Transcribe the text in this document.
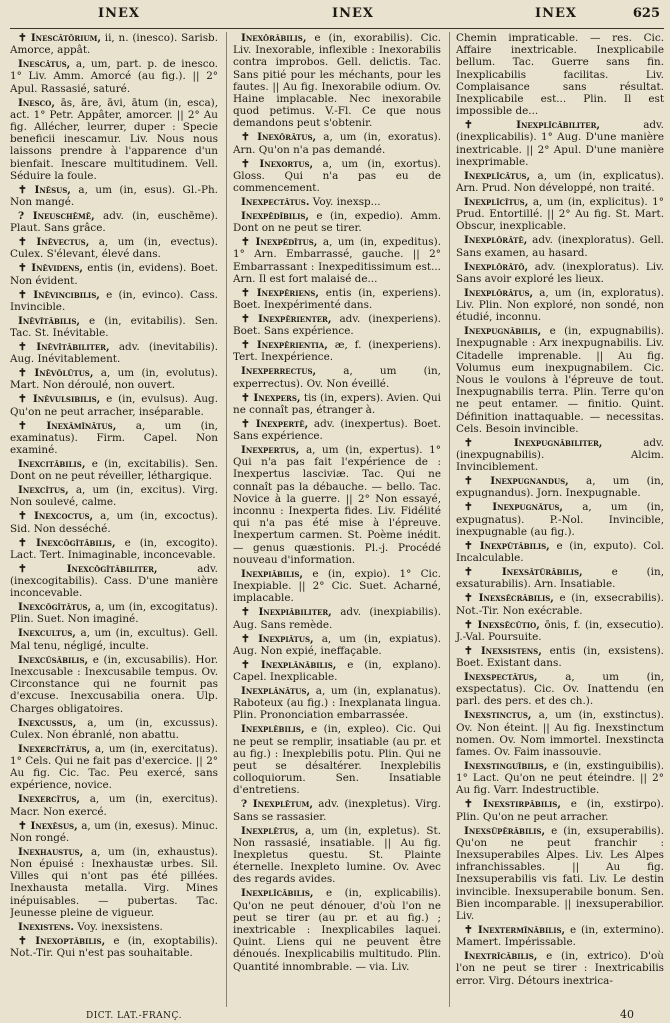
INEX	INEX	INEX	625

✝ Inescātōrium, ii, n. (inesco). Sarisb. Amorce, appât.

Inescātus, a, um, part. p. de inesco. 1° Liv. Amm. Amorcé (au fig.). || 2° Apul. Rassasié, saturé.

Inesco, ās, āre, āvi, ātum (in, esca), act. 1° Petr. Appâter, amorcer. || 2° Au fig. Allécher, leurrer, duper : Specie beneficii inescamur. Liv. Nous nous laissons prendre à l'apparence d'un bienfait. Inescare multitudinem. Vell. Séduire la foule.

✝ Inēsus, a, um (in, esus). Gl.-Ph. Non mangé.

? Ineuschēmē, adv. (in, euschēme). Plaut. Sans grâce.

✝ Inēvectus, a, um (in, evectus). Culex. S'élevant, élevé dans.

✝ Inēvidens, entis (in, evidens). Boet. Non évident.

✝ Inēvincibilis, e (in, evinco). Cass. Invincible.

Inēvītābilis, e (in, evitabilis). Sen. Tac. St. Inévitable.

✝ Inēvītābiliter, adv. (inevitabilis). Aug. Inévitablement.

✝ Inēvŏlūtus, a, um (in, evolutus). Mart. Non déroulé, non ouvert.

✝ Inēvulsibilis, e (in, evulsus). Aug. Qu'on ne peut arracher, inséparable.

✝ Inexāmĭnātus, a, um (in, examinatus). Firm. Capel. Non examiné.

Inexcitābilis, e (in, excitabilis). Sen. Dont on ne peut réveiller, léthargique.

Inexcĭtus, a, um (in, excitus). Virg. Non soulevé, calme.

✝ Inexcoctus, a, um (in, excoctus). Sid. Non desséché.

✝ Inexcōgĭtābilis, e (in, excogito). Lact. Tert. Inimaginable, inconcevable.

✝ Inexcōgĭtābiliter,	adv. (inexcogitabilis). Cass. D'une manière inconcevable.

Inexcōgĭtātus, a, um (in, excogitatus). Plin. Suet. Non imaginé.

Inexcultus, a, um (in, excultus). Gell. Mal tenu, négligé, inculte.

Inexcūsābilis, e (in, excusabilis). Hor. Inexcusable : Inexcusabile tempus. Ov. Circonstance qui ne fournit pas d'excuse. Inexcusabilia onera. Ulp. Charges obligatoires.

Inexcussus, a, um (in, excussus). Culex. Non ébranlé, non abattu.

Inexercĭtātus, a, um (in, exercitatus). 1° Cels. Qui ne fait pas d'exercice. || 2° Au fig. Cic. Tac. Peu exercé, sans expérience, novice.

Inexercĭtus, a, um (in, exercitus). Macr. Non exercé.

✝ Inexēsus, a, um (in, exesus). Minuc. Non rongé.

Inexhaustus, a, um (in, exhaustus). Non épuisé : Inexhaustæ urbes. Sil. Villes qui n'ont pas été pillées. Inexhausta metalla. Virg. Mines inépuisables. — pubertas. Tac. Jeunesse pleine de vigueur.

Inexistens. Voy. inexsistens.

✝ Inexoptābilis, e (in, exoptabilis). Not.-Tir. Qui n'est pas souhaitable.

Inexōrābilis, e (in, exorabilis). Cic. Liv. Inexorable, inflexible : Inexorabilis contra improbos. Gell. delictis. Tac. Sans pitié pour les méchants, pour les fautes. || Au fig. Inexorabile odium. Ov. Haine implacable. Nec inexorabile quod petimus. V.-Fl. Ce que nous demandons peut s'obtenir.

✝ Inexōrātus, a, um (in, exoratus). Arn. Qu'on n'a pas demandé.

✝ Inexortus, a, um (in, exortus). Gloss. Qui n'a pas eu de commencement.

Inexpectātus. Voy. inexsp...

Inexpĕdībilis, e (in, expedio). Amm. Dont on ne peut se tirer.

✝ Inexpĕdītus, a, um (in, expeditus). 1° Arn. Embarrassé, gauche. || 2° Embarrassant : Inexpeditissimum est... Arn. Il est fort malaisé de...

✝ Inexpĕriens, entis (in, experiens). Boet. Inexpérimenté dans.

✝ Inexpĕrienter, adv. (inexperiens). Boet. Sans expérience.

✝ Inexpĕrientia, æ, f. (inexperiens). Tert. Inexpérience.

Inexperrectus,	a, um (in, experrectus). Ov. Non éveillé.

✝ Inexpers, tis (in, expers). Avien. Qui ne connaît pas, étranger à.

✝ Inexpertē, adv. (inexpertus). Boet. Sans expérience.

Inexpertus, a, um (in, expertus). 1° Qui n'a pas fait l'expérience de : Inexpertus lasciviæ. Tac. Qui ne connaît pas la débauche. — bello. Tac. Novice à la guerre. || 2° Non essayé, inconnu : Inexperta fides. Liv. Fidélité qui n'a pas été mise à l'épreuve. Inexpertum carmen. St. Poème inédit. — genus quæstionis. Pl.-j. Procédé nouveau d'information.

Inexpiābilis, e (in, expio). 1° Cic. Inexpiable. || 2° Cic. Suet. Acharné, implacable.

✝ Inexpiābiliter, adv. (inexpiabilis). Aug. Sans remède.

✝ Inexpiātus, a, um (in, expiatus). Aug. Non expié, ineffaçable.

✝ Inexplānābilis, e (in, explano). Capel. Inexplicable.

Inexplānātus, a, um (in, explanatus). Raboteux (au fig.) : Inexplanata lingua. Plin. Prononciation embarrassée.

Inexplēbilis, e (in, expleo). Cic. Qui ne peut se remplir, insatiable (au pr. et au fig.) : Inexplebilis potu. Plin. Qui ne peut se désaltérer. Inexplebilis colloquiorum. Sen. Insatiable d'entretiens.

? Inexplētum, adv. (inexpletus). Virg. Sans se rassasier.

Inexplētus, a, um (in, expletus). St. Non rassasié, insatiable. || Au fig. Inexpletus questu. St. Plainte éternelle. Inexpleto lumine. Ov. Avec des regards avides.

Inexplĭcābilis, e (in, explicabilis). Qu'on ne peut dénouer, d'où l'on ne peut se tirer (au pr. et au fig.) ; inextricable : Inexplicabiles laquei. Quint. Liens qui ne peuvent être dénoués. Inexplicabilis multitudo. Plin. Quantité innombrable. — via. Liv.

Chemin impraticable. — res. Cic. Affaire inextricable. Inexplicabile bellum. Tac. Guerre sans fin. Inexplicabilis facilitas. Liv. Complaisance sans résultat. Inexplicabile est... Plin. Il est impossible de...

✝ Inexplĭcābiliter,	adv. (inexplicabilis). 1° Aug. D'une manière inextricable. || 2° Apul. D'une manière inexprimable.

Inexplĭcātus, a, um (in, explicatus). Arn. Prud. Non développé, non traité.

Inexplĭcĭtus, a, um (in, explicitus). 1° Prud. Entortillé. || 2° Au fig. St. Mart. Obscur, inexplicable.

Inexplōrātē, adv. (inexploratus). Gell. Sans examen, au hasard.

Inexplōrātō, adv. (inexploratus). Liv. Sans avoir exploré les lieux.

Inexplōrātus, a, um (in, exploratus). Liv. Plin. Non exploré, non sondé, non étudié, inconnu.

Inexpugnābilis, e (in, expugnabilis). Inexpugnable : Arx inexpugnabilis. Liv. Citadelle imprenable. || Au fig. Volumus eum inexpugnabilem. Cic. Nous le voulons à l'épreuve de tout. Inexpugnabilis terra. Plin. Terre qu'on ne peut entamer. — finitio. Quint. Définition inattaquable. — necessitas. Cels. Besoin invincible.

✝ Inexpugnābiliter,	adv. (inexpugnabilis). Alcim. Invinciblement.

✝ Inexpugnandus, a, um (in, expugnandus). Jorn. Inexpugnable.

✝ Inexpugnātus, a, um (in, expugnatus). P.-Nol. Invincible, inexpugnable (au fig.).

✝ Inexpŭtābilis, e (in, exputo). Col. Incalculable.

✝ Inexsătŭrābilis,	e (in, exsaturabilis). Arn. Insatiable.

✝ Inexsĕcrābilis, e (in, exsecrabilis). Not.-Tir. Non exécrable.

✝ Inexsĕcūtio, ōnis, f. (in, exsecutio). J.-Val. Poursuite.

✝ Inexsistens, entis (in, exsistens). Boet. Existant dans.

Inexspectātus,	a, um (in, exspectatus). Cic. Ov. Inattendu (en parl. des pers. et des ch.).

Inexstinctus, a, um (in, exstinctus). Ov. Non éteint. || Au fig. Inexstinctum nomen. Ov. Nom immortel. Inexstincta fames. Ov. Faim inassouvie.

Inexstinguĭbilis, e (in, exstinguibilis). 1° Lact. Qu'on ne peut éteindre. || 2° Au fig. Varr. Indestructible.

✝ Inexstirpābilis, e (in, exstirpo). Plin. Qu'on ne peut arracher.

Inexsŭpĕrābilis, e (in, exsuperabilis). Qu'on ne peut franchir : Inexsuperabiles Alpes. Liv. Les Alpes infranchissables. || Au fig. Inexsuperabilis vis fati. Liv. Le destin invincible. Inexsuperabile bonum. Sen. Bien incomparable. || inexsuperabilior. Liv.

✝ Inextermĭnābilis, e (in, extermino). Mamert. Impérissable.

Inextrīcābilis, e (in, extrico). D'où l'on ne peut se tirer : Inextricabilis error. Virg. Détours inextrica-

DICT. LAT.-FRANÇ.	40
